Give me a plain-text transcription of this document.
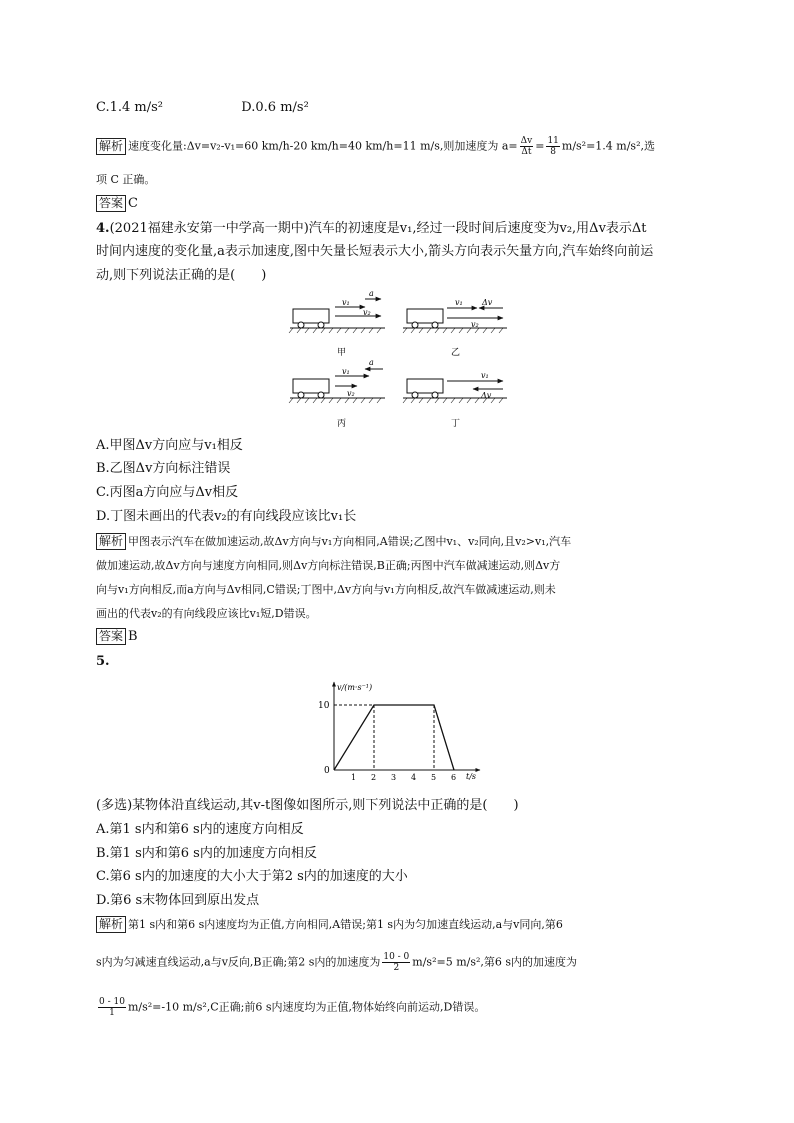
C.1.4 m/s²	D.0.6 m/s²
解析 速度变化量:Δv=v₂-v₁=60 km/h-20 km/h=40 km/h=11 m/s,则加速度为 $a= \frac{\Delta v}{\Delta t} = \frac{11}{8} m/s^2=1.4$ m/s²,选
项 C 正确。
答案 C
4.(2021福建永安第一中学高一期中)汽车的初速度是v₁,经过一段时间后速度变为v₂,用Δv表示Δt
时间内速度的变化量,a表示加速度,图中矢量长短表示大小,箭头方向表示矢量方向,汽车始终向前运
动,则下列说法正确的是(　　)
v₁
v₂
a
甲
v₁ Δv
v₂
乙
v₁
v₂
a
丙
v₁
Δv
丁
A.甲图Δv方向应与v₁相反
B.乙图Δv方向标注错误
C.丙图a方向应与Δv相反
D.丁图未画出的代表v₂的有向线段应该比v₁长
解析 甲图表示汽车在做加速运动,故Δv方向与v₁方向相同,A错误;乙图中v₁、v₂同向,且v₂>v₁,汽车
做加速运动,故Δv方向与速度方向相同,则Δv方向标注错误,B正确;丙图中汽车做减速运动,则Δv方
向与v₁方向相反,而a方向与Δv相同,C错误;丁图中,Δv方向与v₁方向相反,故汽车做减速运动,则未
画出的代表v₂的有向线段应该比v₁短,D错误。
答案 B
5.
v/(m·s⁻¹)
t/s
0
1 2 3 4 5 6
10
(多选)某物体沿直线运动,其v-t图像如图所示,则下列说法中正确的是(　　)
A.第1 s内和第6 s内的速度方向相反
B.第1 s内和第6 s内的加速度方向相反
C.第6 s内的加速度的大小大于第2 s内的加速度的大小
D.第6 s末物体回到原出发点
解析 第1 s内和第6 s内速度均为正值,方向相同,A错误;第1 s内为匀加速直线运动,a与v同向,第6
s内为匀减速直线运动,a与v反向,B正确;第2 s内的加速度为 $\frac{10 - 0}{2} m/s^2=5$ m/s²,第6 s内的加速度为
$\frac{0 - 10}{1} m/s^2=-10$ m/s²,C正确;前6 s内速度均为正值,物体始终向前运动,D错误。
